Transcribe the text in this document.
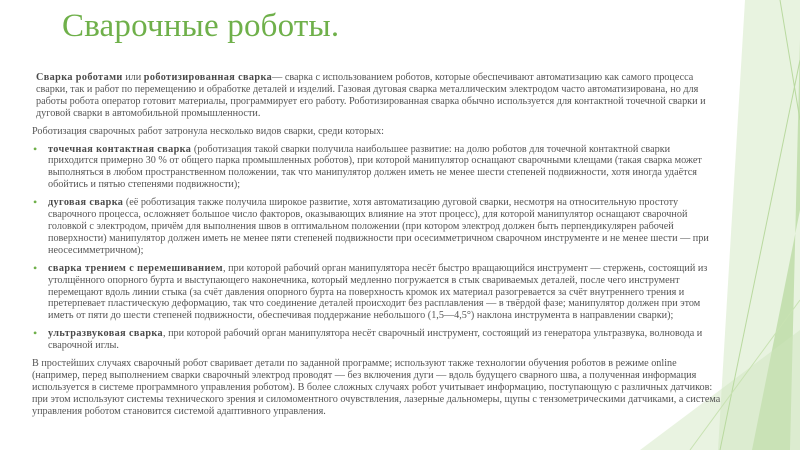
Сварочные роботы.

Сварка роботами или роботизированная сварка— сварка с использованием роботов, которые обеспечивают автоматизацию как самого процесса сварки, так и работ по перемещению и обработке деталей и изделий. Газовая дуговая сварка металлическим электродом часто автоматизирована, но для работы робота оператор готовит материалы, программирует его работу. Роботизированная сварка обычно используется для контактной точечной сварки и дуговой сварки в автомобильной промышленности.

Роботизация сварочных работ затронула несколько видов сварки, среди которых:

• точечная контактная сварка (роботизация такой сварки получила наибольшее развитие: на долю роботов для точечной контактной сварки приходится примерно 30 % от общего парка промышленных роботов), при которой манипулятор оснащают сварочными клещами (такая сварка может выполняться в любом пространственном положении, так что манипулятор должен иметь не менее шести степеней подвижности, хотя иногда удаётся обойтись и пятью степенями подвижности);
• дуговая сварка (её роботизация также получила широкое развитие, хотя автоматизацию дуговой сварки, несмотря на относительную простоту сварочного процесса, осложняет большое число факторов, оказывающих влияние на этот процесс), для которой манипулятор оснащают сварочной головкой с электродом, причём для выполнения швов в оптимальном положении (при котором электрод должен быть перпендикулярен рабочей поверхности) манипулятор должен иметь не менее пяти степеней подвижности при осесимметричном сварочном инструменте и не менее шести — при неосесимметричном);
• сварка трением с перемешиванием, при которой рабочий орган манипулятора несёт быстро вращающийся инструмент — стержень, состоящий из утолщённого опорного бурта и выступающего наконечника, который медленно погружается в стык свариваемых деталей, после чего инструмент перемещают вдоль линии стыка (за счёт давления опорного бурта на поверхность кромок их материал разогревается за счёт внутреннего трения и претерпевает пластическую деформацию, так что соединение деталей происходит без расплавления — в твёрдой фазе; манипулятор должен при этом иметь от пяти до шести степеней подвижности, обеспечивая поддержание небольшого (1,5—4,5°) наклона инструмента в направлении сварки);
• ультразвуковая сварка, при которой рабочий орган манипулятора несёт сварочный инструмент, состоящий из генератора ультразвука, волновода и сварочной иглы.

В простейших случаях сварочный робот сваривает детали по заданной программе; используют также технологии обучения роботов в режиме online (например, перед выполнением сварки сварочный электрод проводят — без включения дуги — вдоль будущего сварного шва, а полученная информация используется в системе программного управления роботом). В более сложных случаях робот учитывает информацию, поступающую с различных датчиков: при этом используют системы технического зрения и силомоментного очувствления, лазерные дальномеры, щупы с тензометрическими датчиками, а система управления роботом становится системой адаптивного управления.
